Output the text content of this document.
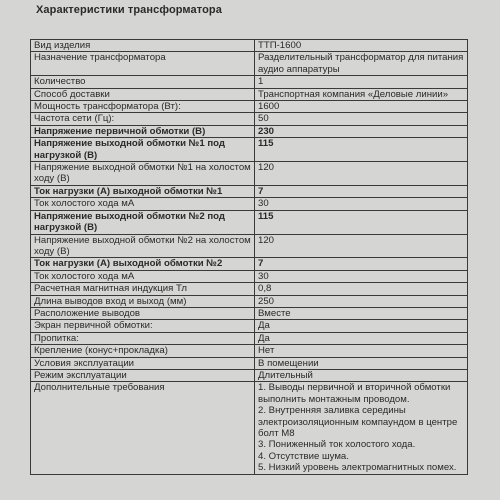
Характеристики трансформатора
Вид изделия	ТТП-1600
Назначение трансформатора	Разделительный трансформатор для питания аудио аппаратуры
Количество	1
Способ доставки	Транспортная компания «Деловые линии»
Мощность трансформатора (Вт):	1600
Частота сети (Гц):	50
Напряжение первичной обмотки (В)	230
Напряжение выходной обмотки №1 под нагрузкой (В)	115
Напряжение выходной обмотки №1 на холостом ходу (В)	120
Ток нагрузки (А) выходной обмотки №1	7
Ток холостого хода мА	30
Напряжение выходной обмотки №2 под нагрузкой (В)	115
Напряжение выходной обмотки №2 на холостом ходу (В)	120
Ток нагрузки (А) выходной обмотки №2	7
Ток холостого хода мА	30
Расчетная магнитная индукция Тл	0,8
Длина выводов вход и выход (мм)	250
Расположение выводов	Вместе
Экран первичной обмотки:	Да
Пропитка:	Да
Крепление (конус+прокладка)	Нет
Условия эксплуатации	В помещении
Режим эксплуатации	Длительный
Дополнительные требования	1. Выводы первичной и вторичной обмотки выполнить монтажным проводом.
2. Внутренняя заливка середины электроизоляционным компаундом в центре болт М8
3. Пониженный ток холостого хода.
4. Отсутствие шума.
5. Низкий уровень электромагнитных помех.
